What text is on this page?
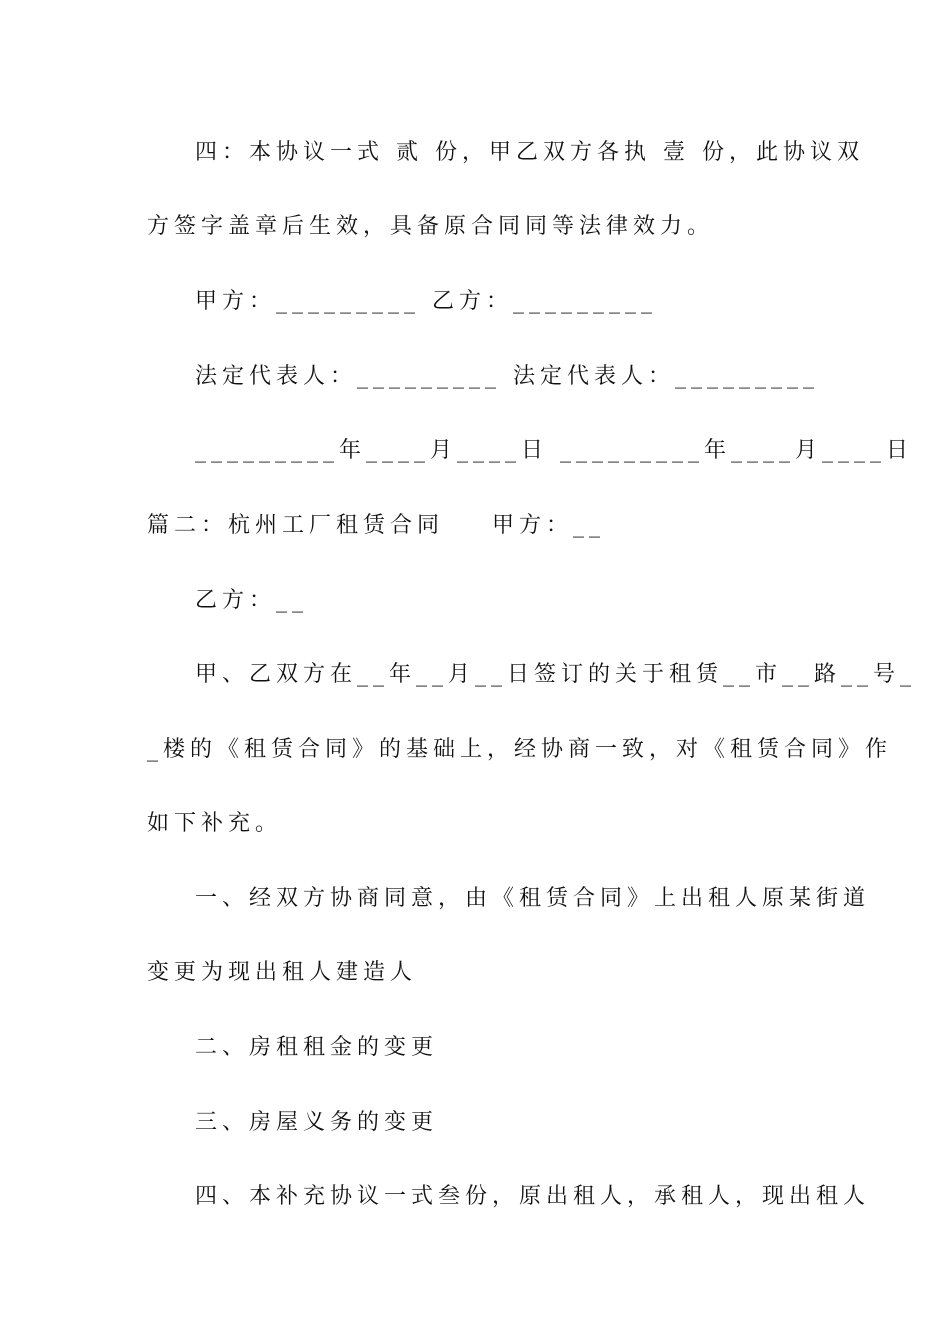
四：本协议一式 贰 份，甲乙双方各执 壹 份，此协议双

方签字盖章后生效，具备原合同同等法律效力。

甲方：_________ 乙方：_________

法定代表人：_________ 法定代表人：_________

_________年____月____日 _________年____月____日

篇二：杭州工厂租赁合同 甲方：__

乙方：__

甲、乙双方在__年__月__日签订的关于租赁__市__路__号_

_楼的《租赁合同》的基础上，经协商一致，对《租赁合同》作

如下补充。

一、经双方协商同意，由《租赁合同》上出租人原某街道

变更为现出租人建造人

二、房租租金的变更

三、房屋义务的变更

四、本补充协议一式叁份，原出租人，承租人，现出租人
